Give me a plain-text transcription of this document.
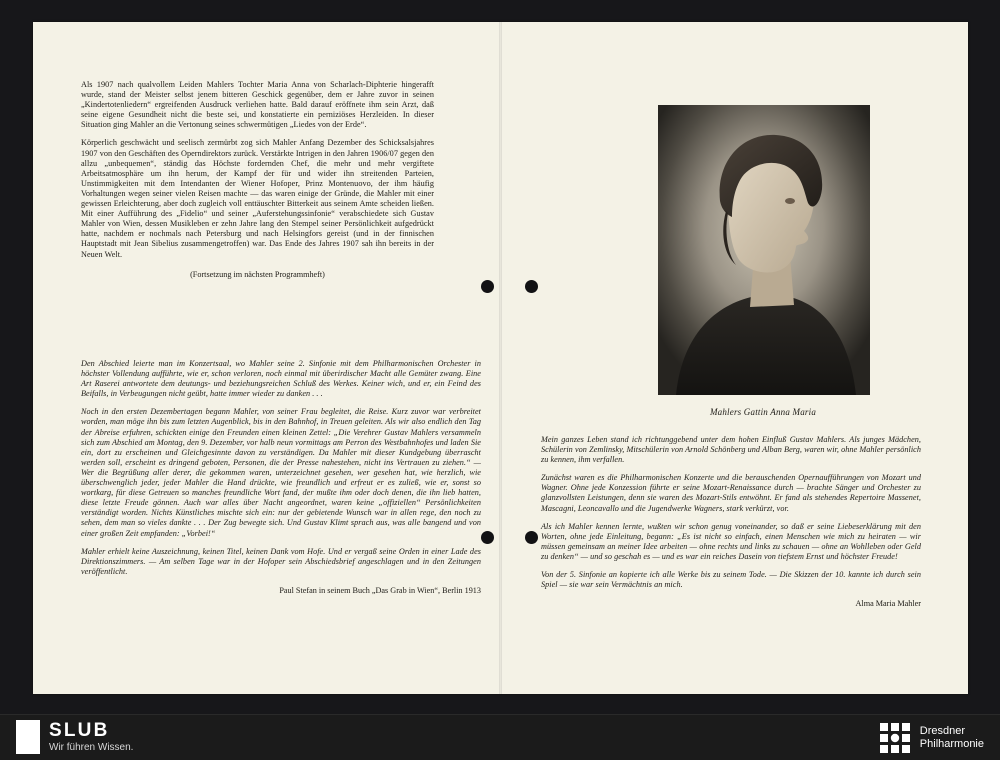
Als 1907 nach qualvollem Leiden Mahlers Tochter Maria Anna von Scharlach-Diphterie hingerafft wurde, stand der Meister selbst jenem bitteren Geschick gegenüber, dem er Jahre zuvor in seinen „Kindertotenliedern“ ergreifenden Ausdruck verliehen hatte. Bald darauf eröffnete ihm sein Arzt, daß seine eigene Gesundheit nicht die beste sei, und konstatierte ein perniziöses Herzleiden. In dieser Situation ging Mahler an die Vertonung seines schwermütigen „Liedes von der Erde“.

Körperlich geschwächt und seelisch zermürbt zog sich Mahler Anfang Dezember des Schicksalsjahres 1907 von den Geschäften des Operndirektors zurück. Verstärkte Intrigen in den Jahren 1906/07 gegen den allzu „unbequemen“, ständig das Höchste fordernden Chef, die mehr und mehr vergiftete Arbeitsatmosphäre um ihn herum, der Kampf der für und wider ihn streitenden Parteien, Unstimmigkeiten mit dem Intendanten der Wiener Hofoper, Prinz Montenuovo, der ihm häufig Vorhaltungen wegen seiner vielen Reisen machte — das waren einige der Gründe, die Mahler mit einer gewissen Erleichterung, aber doch zugleich voll enttäuschter Bitterkeit aus seinem Amte scheiden ließen. Mit einer Aufführung des „Fidelio“ und seiner „Auferstehungssinfonie“ verabschiedete sich Gustav Mahler von Wien, dessen Musikleben er zehn Jahre lang den Stempel seiner Persönlichkeit aufgedrückt hatte, nachdem er nochmals nach Petersburg und nach Helsingfors gereist (und in der finnischen Hauptstadt mit Jean Sibelius zusammengetroffen) war. Das Ende des Jahres 1907 sah ihn bereits in der Neuen Welt.

(Fortsetzung im nächsten Programmheft)

Mahlers Gattin Anna Maria

Den Abschied leierte man im Konzertsaal, wo Mahler seine 2. Sinfonie mit dem Philharmonischen Orchester in höchster Vollendung aufführte, wie er, schon verloren, noch einmal mit überirdischer Macht alle Gemüter zwang. Eine Art Raserei antwortete dem deutungs- und beziehungsreichen Schluß des Werkes. Keiner wich, und er, ein Feind des Beifalls, in Verbeugungen nicht geübt, hatte immer wieder zu danken . . .

Noch in den ersten Dezembertagen begann Mahler, von seiner Frau begleitet, die Reise. Kurz zuvor war verbreitet worden, man möge ihn bis zum letzten Augenblick, bis in den Bahnhof, in Treuen geleiten. Als wir also endlich den Tag der Abreise erfuhren, schickten einige den Freunden einen kleinen Zettel: „Die Verehrer Gustav Mahlers versammeln sich zum Abschied am Montag, den 9. Dezember, vor halb neun vormittags am Perron des Westbahnhofes und laden Sie ein, dort zu erscheinen und Gleichgesinnte davon zu verständigen. Da Mahler mit dieser Kundgebung überrascht werden soll, erscheint es dringend geboten, Personen, die der Presse nahestehen, nicht ins Vertrauen zu ziehen.“ — Wer die Begrüßung aller derer, die gekommen waren, unterzeichnet gesehen, wer gesehen hat, wie herzlich, wie überschwenglich jeder, jeder Mahler die Hand drückte, wie freundlich und erfreut er es zuließ, wie er, sonst so wortkarg, für diese Getreuen so manches freundliche Wort fand, der mußte ihm oder doch denen, die ihn lieb hatten, diese letzte Freude gönnen. Auch war alles über Nacht angeordnet, waren keine „offiziellen“ Persönlichkeiten verständigt worden. Nichts Künstliches mischte sich ein: nur der gebietende Wunsch war in allen rege, den noch zu sehen, dem man so vieles dankte . . . Der Zug bewegte sich. Und Gustav Klimt sprach aus, was alle bangend und von einer großen Zeit empfanden: „Vorbei!“

Mahler erhielt keine Auszeichnung, keinen Titel, keinen Dank vom Hofe. Und er vergaß seine Orden in einer Lade des Direktionszimmers. — Am selben Tage war in der Hofoper sein Abschiedsbrief angeschlagen und in den Zeitungen veröffentlicht.

Paul Stefan in seinem Buch „Das Grab in Wien“, Berlin 1913

Mein ganzes Leben stand ich richtunggebend unter dem hohen Einfluß Gustav Mahlers. Als junges Mädchen, Schülerin von Zemlinsky, Mitschülerin von Arnold Schönberg und Alban Berg, waren wir, ohne Mahler persönlich zu kennen, ihm verfallen.

Zunächst waren es die Philharmonischen Konzerte und die berauschenden Opernaufführungen von Mozart und Wagner. Ohne jede Konzession führte er seine Mozart-Renaissance durch — brachte Sänger und Orchester zu glanzvollsten Leistungen, denn sie waren des Mozart-Stils entwöhnt. Er fand als stehendes Repertoire Massenet, Mascagni, Leoncavallo und die Jugendwerke Wagners, stark verkürzt, vor.

Als ich Mahler kennen lernte, wußten wir schon genug voneinander, so daß er seine Liebeserklärung mit den Worten, ohne jede Einleitung, begann: „Es ist nicht so einfach, einen Menschen wie mich zu heiraten — wir müssen gemeinsam an meiner Idee arbeiten — ohne rechts und links zu schauen — ohne an Wohlleben oder Geld zu denken“ — und so geschah es — und es war ein reiches Dasein von tiefstem Ernst und höchster Freude!

Von der 5. Sinfonie an kopierte ich alle Werke bis zu seinem Tode. — Die Skizzen der 10. kannte ich durch sein Spiel — sie war sein Vermächtnis an mich.

Alma Maria Mahler

SLUB
Wir führen Wissen.
Dresdner
Philharmonie
